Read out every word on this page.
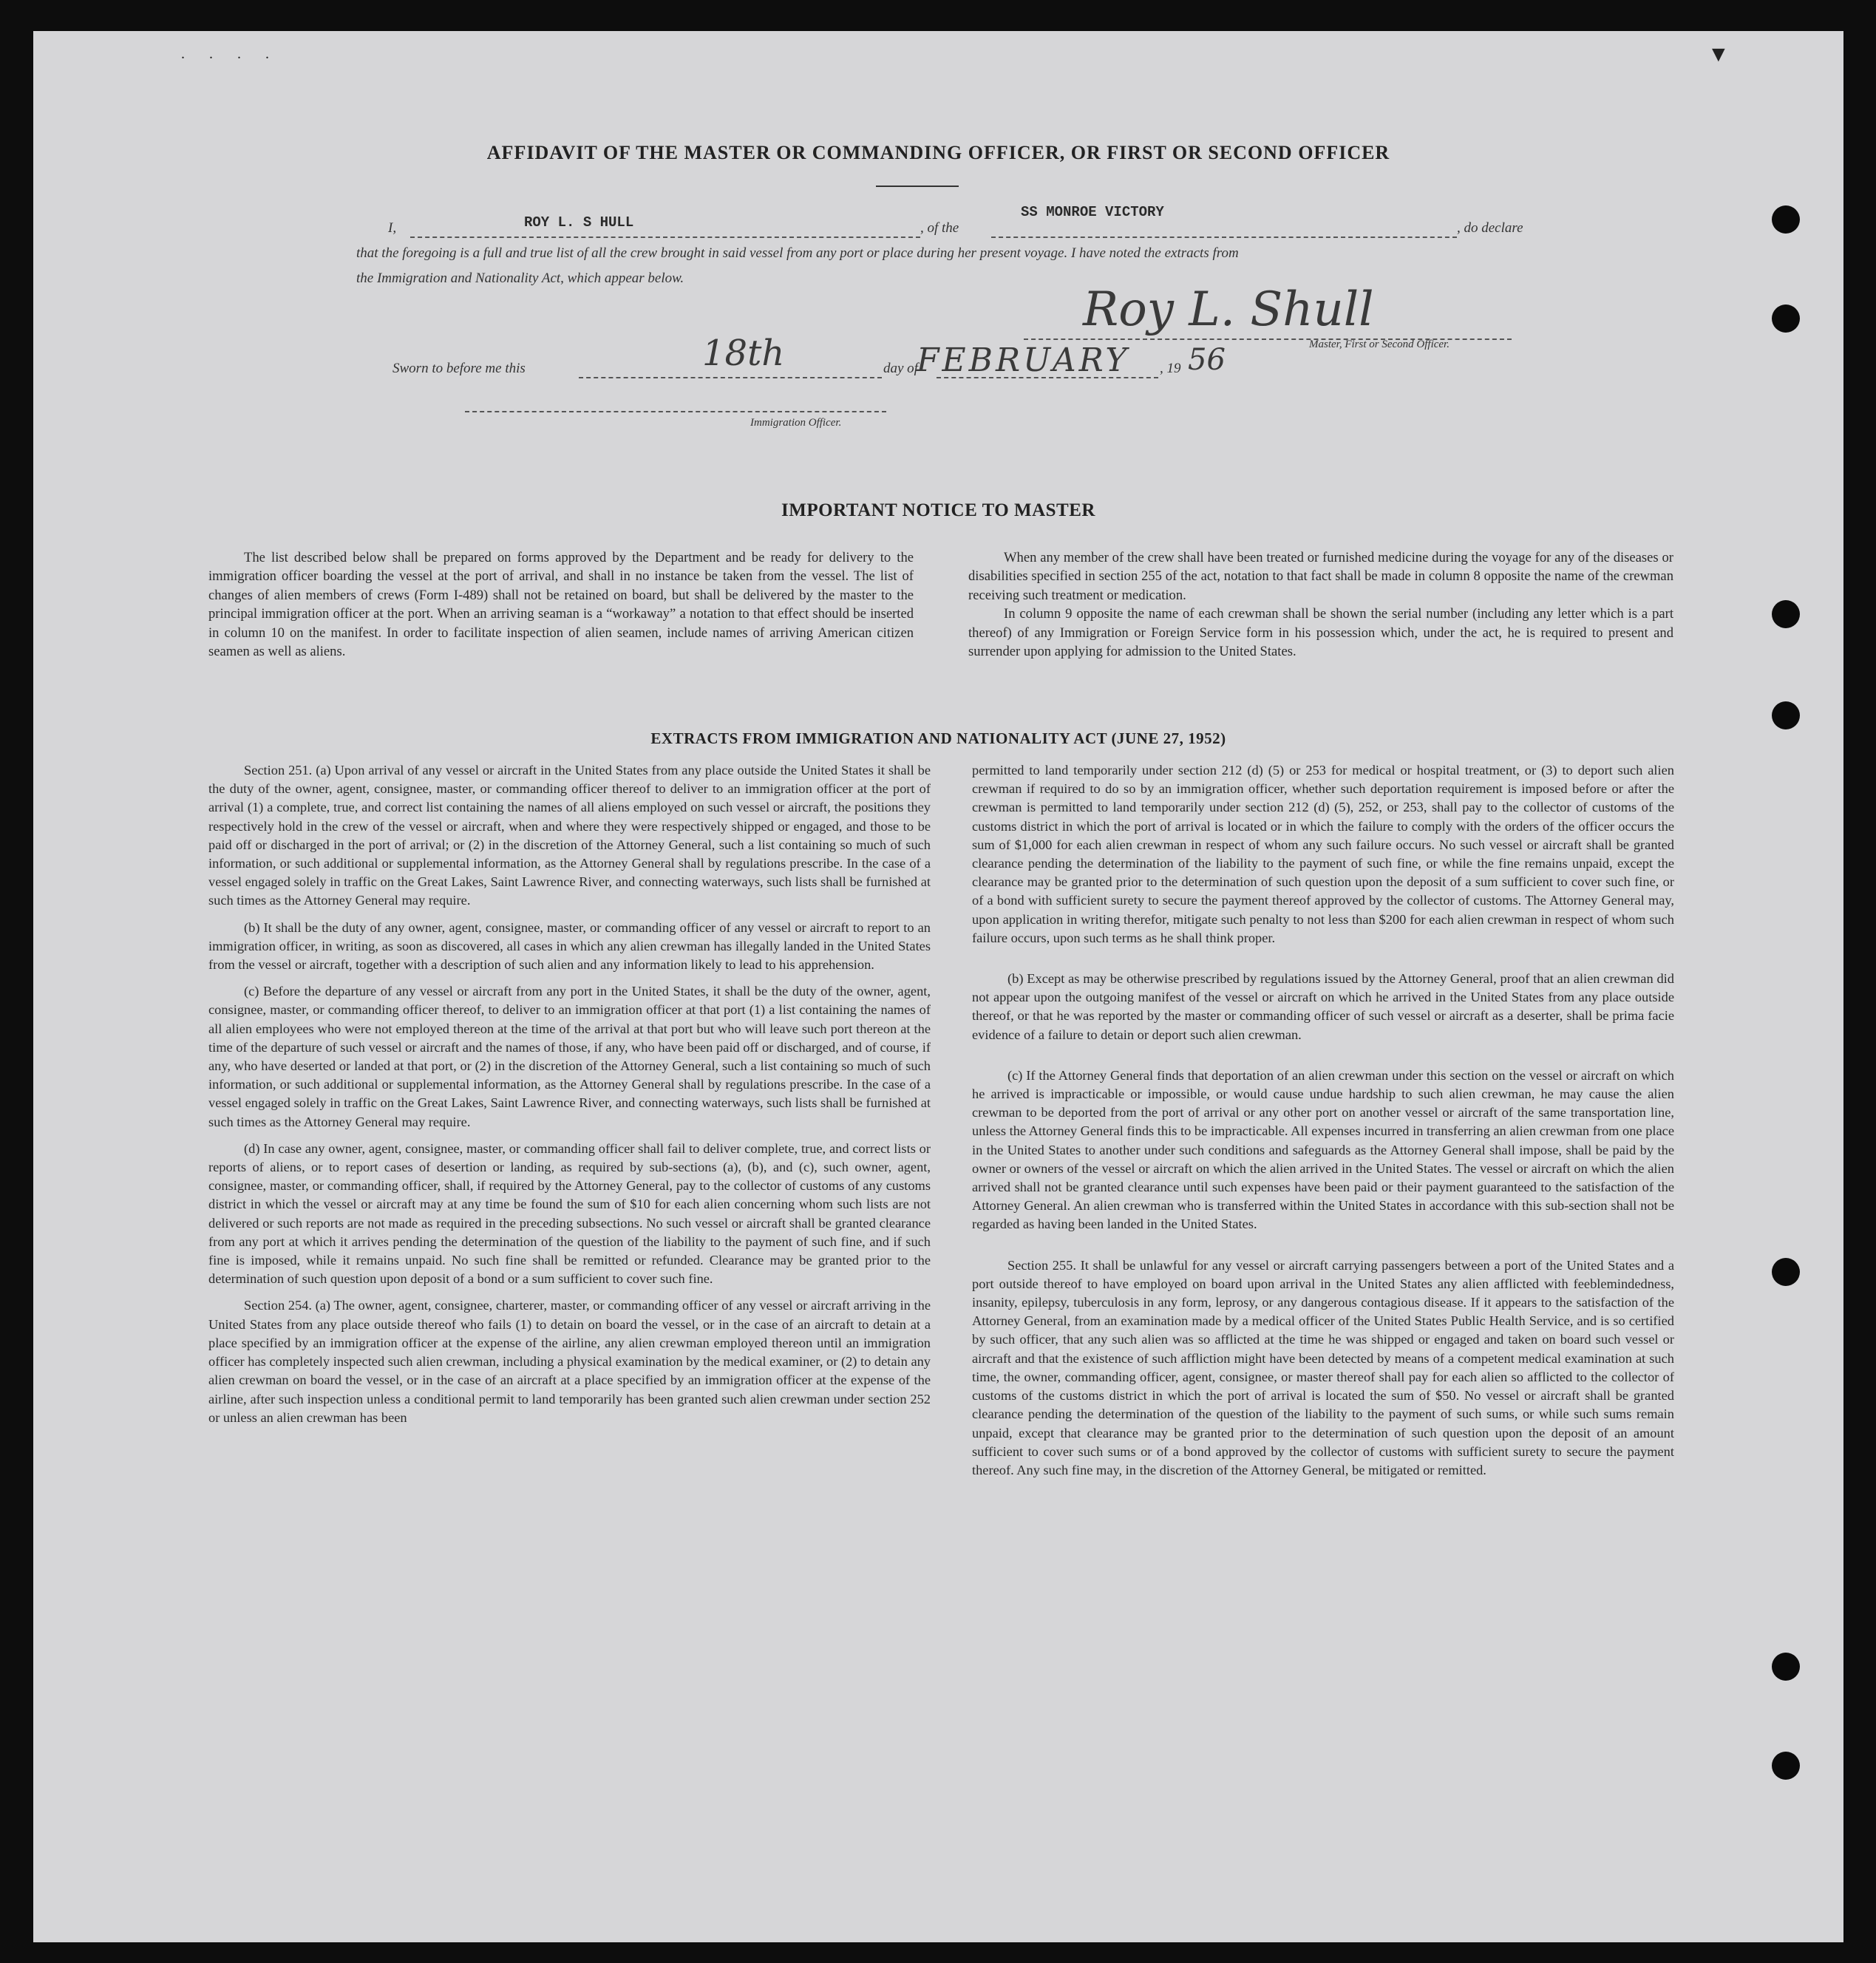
▼
. . . .
AFFIDAVIT OF THE MASTER OR COMMANDING OFFICER, OR FIRST OR SECOND OFFICER
I,	ROY L. S HULL	, of the
SS MONROE VICTORY
, do declare
that the foregoing is a full and true list of all the crew brought in said vessel from any port or place during her present voyage. I have noted the extracts from
the Immigration and Nationality Act, which appear below.
Roy L. Shull
Master, First or Second Officer.
Sworn to before me this	18th	day of
FEBRUARY , 19 56
Immigration Officer.
IMPORTANT NOTICE TO MASTER

The list described below shall be prepared on forms approved by the Department and be ready for delivery to the immigration officer boarding the vessel at the port of arrival, and shall in no instance be taken from the vessel. The list of changes of alien members of crews (Form I-489) shall not be retained on board, but shall be delivered by the master to the principal immigration officer at the port. When an arriving seaman is a “workaway” a notation to that effect should be inserted in column 10 on the manifest. In order to facilitate inspection of alien seamen, include names of arriving American citizen seamen as well as aliens.

When any member of the crew shall have been treated or furnished medicine during the voyage for any of the diseases or disabilities specified in section 255 of the act, notation to that fact shall be made in column 8 opposite the name of the crewman receiving such treatment or medication.

In column 9 opposite the name of each crewman shall be shown the serial number (including any letter which is a part thereof) of any Immigration or Foreign Service form in his possession which, under the act, he is required to present and surrender upon applying for admission to the United States.

EXTRACTS FROM IMMIGRATION AND NATIONALITY ACT (JUNE 27, 1952)

Section 251. (a) Upon arrival of any vessel or aircraft in the United States from any place outside the United States it shall be the duty of the owner, agent, consignee, master, or commanding officer thereof to deliver to an immigration officer at the port of arrival (1) a complete, true, and correct list containing the names of all aliens employed on such vessel or aircraft, the positions they respectively hold in the crew of the vessel or aircraft, when and where they were respectively shipped or engaged, and those to be paid off or discharged in the port of arrival; or (2) in the discretion of the Attorney General, such a list containing so much of such information, or such additional or supplemental information, as the Attorney General shall by regulations prescribe. In the case of a vessel engaged solely in traffic on the Great Lakes, Saint Lawrence River, and connecting waterways, such lists shall be furnished at such times as the Attorney General may require.

(b) It shall be the duty of any owner, agent, consignee, master, or commanding officer of any vessel or aircraft to report to an immigration officer, in writing, as soon as discovered, all cases in which any alien crewman has illegally landed in the United States from the vessel or aircraft, together with a description of such alien and any information likely to lead to his apprehension.

(c) Before the departure of any vessel or aircraft from any port in the United States, it shall be the duty of the owner, agent, consignee, master, or commanding officer thereof, to deliver to an immigration officer at that port (1) a list containing the names of all alien employees who were not employed thereon at the time of the arrival at that port but who will leave such port thereon at the time of the departure of such vessel or aircraft and the names of those, if any, who have been paid off or discharged, and of course, if any, who have deserted or landed at that port, or (2) in the discretion of the Attorney General, such a list containing so much of such information, or such additional or supplemental information, as the Attorney General shall by regulations prescribe. In the case of a vessel engaged solely in traffic on the Great Lakes, Saint Lawrence River, and connecting waterways, such lists shall be furnished at such times as the Attorney General may require.

(d) In case any owner, agent, consignee, master, or commanding officer shall fail to deliver complete, true, and correct lists or reports of aliens, or to report cases of desertion or landing, as required by sub-sections (a), (b), and (c), such owner, agent, consignee, master, or commanding officer, shall, if required by the Attorney General, pay to the collector of customs of any customs district in which the vessel or aircraft may at any time be found the sum of $10 for each alien concerning whom such lists are not delivered or such reports are not made as required in the preceding subsections. No such vessel or aircraft shall be granted clearance from any port at which it arrives pending the determination of the question of the liability to the payment of such fine, and if such fine is imposed, while it remains unpaid. No such fine shall be remitted or refunded. Clearance may be granted prior to the determination of such question upon deposit of a bond or a sum sufficient to cover such fine.

Section 254. (a) The owner, agent, consignee, charterer, master, or commanding officer of any vessel or aircraft arriving in the United States from any place outside thereof who fails (1) to detain on board the vessel, or in the case of an aircraft to detain at a place specified by an immigration officer at the expense of the airline, any alien crewman employed thereon until an immigration officer has completely inspected such alien crewman, including a physical examination by the medical examiner, or (2) to detain any alien crewman on board the vessel, or in the case of an aircraft at a place specified by an immigration officer at the expense of the airline, after such inspection unless a conditional permit to land temporarily has been granted such alien crewman under section 252 or unless an alien crewman has been

permitted to land temporarily under section 212 (d) (5) or 253 for medical or hospital treatment, or (3) to deport such alien crewman if required to do so by an immigration officer, whether such deportation requirement is imposed before or after the crewman is permitted to land temporarily under section 212 (d) (5), 252, or 253, shall pay to the collector of customs of the customs district in which the port of arrival is located or in which the failure to comply with the orders of the officer occurs the sum of $1,000 for each alien crewman in respect of whom any such failure occurs. No such vessel or aircraft shall be granted clearance pending the determination of the liability to the payment of such fine, or while the fine remains unpaid, except the clearance may be granted prior to the determination of such question upon the deposit of a sum sufficient to cover such fine, or of a bond with sufficient surety to secure the payment thereof approved by the collector of customs. The Attorney General may, upon application in writing therefor, mitigate such penalty to not less than $200 for each alien crewman in respect of whom such failure occurs, upon such terms as he shall think proper.

(b) Except as may be otherwise prescribed by regulations issued by the Attorney General, proof that an alien crewman did not appear upon the outgoing manifest of the vessel or aircraft on which he arrived in the United States from any place outside thereof, or that he was reported by the master or commanding officer of such vessel or aircraft as a deserter, shall be prima facie evidence of a failure to detain or deport such alien crewman.

(c) If the Attorney General finds that deportation of an alien crewman under this section on the vessel or aircraft on which he arrived is impracticable or impossible, or would cause undue hardship to such alien crewman, he may cause the alien crewman to be deported from the port of arrival or any other port on another vessel or aircraft of the same transportation line, unless the Attorney General finds this to be impracticable. All expenses incurred in transferring an alien crewman from one place in the United States to another under such conditions and safeguards as the Attorney General shall impose, shall be paid by the owner or owners of the vessel or aircraft on which the alien arrived in the United States. The vessel or aircraft on which the alien arrived shall not be granted clearance until such expenses have been paid or their payment guaranteed to the satisfaction of the Attorney General. An alien crewman who is transferred within the United States in accordance with this sub-section shall not be regarded as having been landed in the United States.

Section 255. It shall be unlawful for any vessel or aircraft carrying passengers between a port of the United States and a port outside thereof to have employed on board upon arrival in the United States any alien afflicted with feeblemindedness, insanity, epilepsy, tuberculosis in any form, leprosy, or any dangerous contagious disease. If it appears to the satisfaction of the Attorney General, from an examination made by a medical officer of the United States Public Health Service, and is so certified by such officer, that any such alien was so afflicted at the time he was shipped or engaged and taken on board such vessel or aircraft and that the existence of such affliction might have been detected by means of a competent medical examination at such time, the owner, commanding officer, agent, consignee, or master thereof shall pay for each alien so afflicted to the collector of customs of the customs district in which the port of arrival is located the sum of $50. No vessel or aircraft shall be granted clearance pending the determination of the question of the liability to the payment of such sums, or while such sums remain unpaid, except that clearance may be granted prior to the determination of such question upon the deposit of an amount sufficient to cover such sums or of a bond approved by the collector of customs with sufficient surety to secure the payment thereof. Any such fine may, in the discretion of the Attorney General, be mitigated or remitted.
